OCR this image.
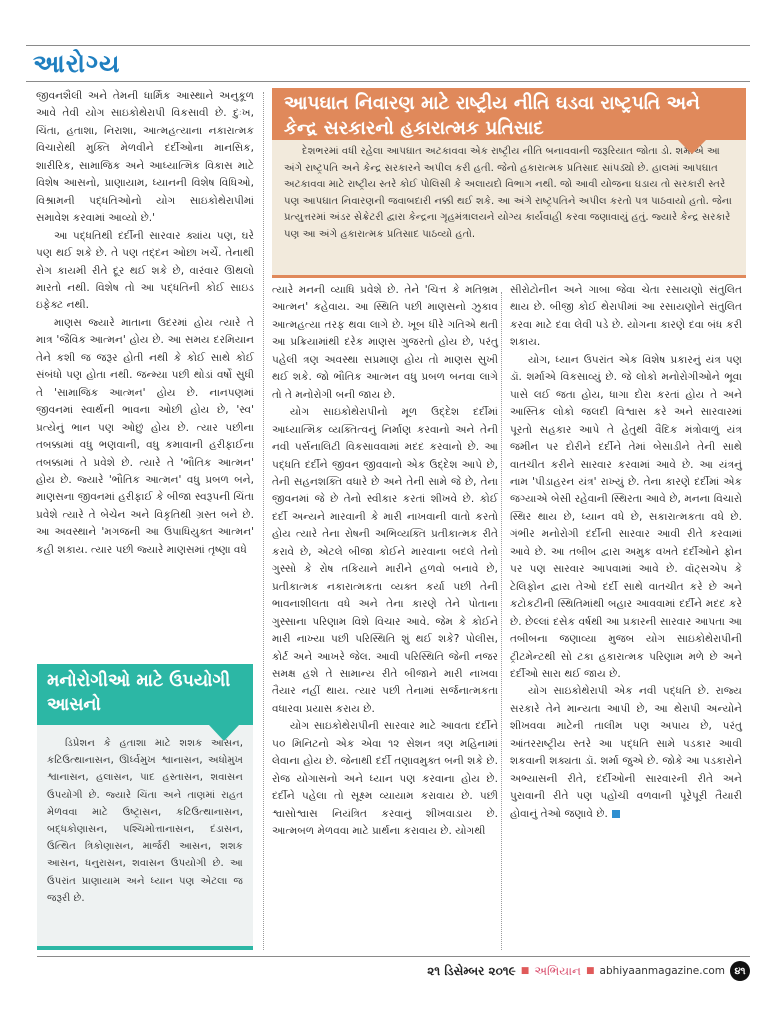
આરોગ્ય

જીવનશૈલી અને તેમની ધાર્મિક આસ્થાને અનુકૂળ આવે તેવી યોગ સાઇકોથેરાપી વિકસાવી છે. દુઃખ, ચિંતા, હતાશા, નિરાશા, આત્મહત્યાના નકારાત્મક વિચારોથી મુક્તિ મેળવીને દર્દીઓના માનસિક, શારીરિક, સામાજિક અને આધ્યાત્મિક વિકાસ માટે વિશેષ આસનો, પ્રાણાયામ, ધ્યાનની વિશેષ વિધિઓ, વિશ્રામની પદ્ધતિઓનો યોગ સાઇકોથેરાપીમાં સમાવેશ કરવામાં આવ્યો છે.'

આ પદ્ધતિથી દર્દીની સારવાર ક્યાંય પણ, ઘરે પણ થઈ શકે છે. તે પણ તદ્દન ઓછા ખર્ચે. તેનાથી રોગ કાયમી રીતે દૂર થઈ શકે છે, વારંવાર ઊથલો મારતો નથી. વિશેષ તો આ પદ્ધતિની કોઈ સાઇડ ઇફેક્ટ નથી.

માણસ જ્યારે માતાના ઉદરમાં હોય ત્યારે તે માત્ર 'જૈવિક આત્મન' હોય છે. આ સમય દરમિયાન તેને કશી જ જરૂર હોતી નથી કે કોઈ સાથે કોઈ સંબંધો પણ હોતા નથી. જન્મ્યા પછી થોડાં વર્ષો સુધી તે 'સામાજિક આત્મન' હોય છે. નાનપણમાં જીવનમાં સ્વાર્થની ભાવના ઓછી હોય છે, 'સ્વ' પ્રત્યેનું ભાન પણ ઓછું હોય છે. ત્યાર પછીના તબક્કામાં વધુ ભણવાની, વધુ કમાવાની હરીફાઈના તબક્કામાં તે પ્રવેશે છે. ત્યારે તે 'ભૌતિક આત્મન' હોય છે. જ્યારે 'ભૌતિક આત્મન' વધુ પ્રબળ બને, માણસના જીવનમાં હરીફાઈ કે બીજા સ્વરૂપની ચિંતા પ્રવેશે ત્યારે તે બેચેન અને વિકૃતિથી ગ્રસ્ત બને છે. આ અવસ્થાને 'મગજની આ ઉપાધિયુક્ત આત્મન' કહી શકાય. ત્યાર પછી જ્યારે માણસમાં તૃષ્ણા વધે

આપઘાત નિવારણ માટે રાષ્ટ્રીય નીતિ ઘડવા રાષ્ટ્રપતિ અને કેન્દ્ર સરકારનો હકારાત્મક પ્રતિસાદ

દેશભરમાં વધી રહેલા આપઘાત અટકાવવા એક રાષ્ટ્રીય નીતિ બનાવવાની જરૂરિયાત જોતા ડો. શર્માએ આ અંગે રાષ્ટ્રપતિ અને કેન્દ્ર સરકારને અપીલ કરી હતી. જેનો હકારાત્મક પ્રતિસાદ સાંપડ્યો છે. હાલમાં આપઘાત અટકાવવા માટે રાષ્ટ્રીય સ્તરે કોઈ પોલિસી કે અલાયદો વિભાગ નથી. જો આવી યોજના ઘડાય તો સરકારી સ્તરે પણ આપઘાત નિવારણની જવાબદારી નક્કી થઈ શકે. આ અંગે રાષ્ટ્રપતિને અપીલ કરતો પત્ર પાઠવાયો હતો. જેના પ્રત્યુત્તરમાં અંડર સેક્રેટરી દ્વારા કેન્દ્રના ગૃહમંત્રાલયને યોગ્ય કાર્યવાહી કરવા જણાવાયું હતું. જ્યારે કેન્દ્ર સરકારે પણ આ અંગે હકારાત્મક પ્રતિસાદ પાઠવ્યો હતો.

ત્યારે મનની વ્યાધિ પ્રવેશે છે. તેને 'ચિત્ત કે મતિભ્રમ આત્મન' કહેવાય. આ સ્થિતિ પછી માણસનો ઝુકાવ આત્મહત્યા તરફ થવા લાગે છે. ખૂબ ધીરે ગતિએ થતી આ પ્રક્રિયામાંથી દરેક માણસ ગુજરતો હોય છે, પરંતુ પહેલી ત્રણ અવસ્થા સપ્રમાણ હોય તો માણસ સુખી થઈ શકે. જો ભૌતિક આત્મન વધુ પ્રબળ બનવા લાગે તો તે મનોરોગી બની જાય છે.

યોગ સાઇકોથેરાપીનો મૂળ ઉદ્દેશ દર્દીમાં આધ્યાત્મિક વ્યક્તિત્વનું નિર્માણ કરવાનો અને તેની નવી પર્સનાલિટી વિકસાવવામાં મદદ કરવાનો છે. આ પદ્ધતિ દર્દીને જીવન જીવવાનો એક ઉદ્દેશ આપે છે, તેની સહનશક્તિ વધારે છે અને તેની સામે જે છે, તેના જીવનમાં જે છે તેનો સ્વીકાર કરતાં શીખવે છે. કોઈ દર્દી અન્યને મારવાની કે મારી નાખવાની વાતો કરતો હોય ત્યારે તેના રોષની અભિવ્યક્તિ પ્રતીકાત્મક રીતે કરાવે છે, એટલે બીજા કોઈને મારવાના બદલે તેનો ગુસ્સો કે રોષ તકિયાને મારીને હળવો બનાવે છે, પ્રતીકાત્મક નકારાત્મકતા વ્યક્ત કર્યા પછી તેની ભાવનાશીલતા વધે અને તેના કારણે તેને પોતાના ગુસ્સાના પરિણામ વિશે વિચાર આવે. જેમ કે કોઈને મારી નાખ્યા પછી પરિસ્થિતિ શું થઈ શકે? પોલીસ, કોર્ટ અને આખરે જેલ. આવી પરિસ્થિતિ જેની નજર સમક્ષ હશે તે સામાન્ય રીતે બીજાને મારી નાખવા તૈયાર નહીં થાય. ત્યાર પછી તેનામાં સર્જનાત્મકતા વધારવા પ્રયાસ કરાય છે.

યોગ સાઇકોથેરાપીની સારવાર માટે આવતા દર્દીને ૫૦ મિનિટનો એક એવા ૧૨ સેશન ત્રણ મહિનામાં લેવાના હોય છે. જેનાથી દર્દી તણાવમુક્ત બની શકે છે. રોજ યોગાસનો અને ધ્યાન પણ કરવાના હોય છે. દર્દીને પહેલા તો સૂક્ષ્મ વ્યાયામ કરાવાય છે. પછી શ્વાસોશ્વાસ નિયંત્રિત કરવાનું શીખવાડાય છે. આત્મબળ મેળવવા માટે પ્રાર્થના કરાવાય છે. યોગથી

સીરોટોનીન અને ગાબા જેવા ચેતા રસાયણો સંતુલિત થાય છે. બીજી કોઈ થેરાપીમાં આ રસાયણોને સંતુલિત કરવા માટે દવા લેવી પડે છે. યોગના કારણે દવા બંધ કરી શકાય.

યોગ, ધ્યાન ઉપરાંત એક વિશેષ પ્રકારનું યંત્ર પણ ડૉ. શર્માએ વિકસાવ્યું છે. જે લોકો મનોરોગીઓને ભૂવા પાસે લઈ જતા હોય, ધાગા દોરા કરતાં હોય તે અને આસ્તિક લોકો જલદી વિશ્વાસ કરે અને સારવારમાં પૂરતો સહકાર આપે તે હેતુથી વૈદિક મંત્રોવાળું યંત્ર જમીન પર દોરીને દર્દીને તેમાં બેસાડીને તેની સાથે વાતચીત કરીને સારવાર કરવામાં આવે છે. આ યંત્રનું નામ 'પીડાહરન યંત્ર' રાખ્યું છે. તેના કારણે દર્દીમાં એક જગ્યાએ બેસી રહેવાની સ્થિરતા આવે છે, મનના વિચારો સ્થિર થાય છે, ધ્યાન વધે છે, સકારાત્મકતા વધે છે. ગંભીર મનોરોગી દર્દીની સારવાર આવી રીતે કરવામાં આવે છે. આ તબીબ દ્વારા અમુક વખતે દર્દીઓને ફોન પર પણ સારવાર આપવામાં આવે છે. વૉટ્સએપ કે ટેલિફોન દ્વારા તેઓ દર્દી સાથે વાતચીત કરે છે અને કટોકટીની સ્થિતિમાંથી બહાર આવવામાં દર્દીને મદદ કરે છે. છેલ્લાં દસેક વર્ષથી આ પ્રકારની સારવાર આપતા આ તબીબના જણાવ્યા મુજબ યોગ સાઇકોથેરાપીની ટ્રીટમેન્ટથી સો ટકા હકારાત્મક પરિણામ મળે છે અને દર્દીઓ સારા થઈ જાય છે.

યોગ સાઇકોથેરાપી એક નવી પદ્ધતિ છે. રાજ્ય સરકારે તેને માન્યતા આપી છે, આ થેરાપી અન્યોને શીખવવા માટેની તાલીમ પણ અપાય છે, પરંતુ આંતરરાષ્ટ્રીય સ્તરે આ પદ્ધતિ સામે પડકાર આવી શકવાની શક્યતા ડૉ. શર્મા જુએ છે. જોકે આ પડકારોને અભ્યાસની રીતે, દર્દીઓની સારવારની રીતે અને પુરાવાની રીતે પણ પહોંચી વળવાની પૂરેપૂરી તૈયારી હોવાનું તેઓ જણાવે છે.

મનોરોગીઓ માટે ઉપયોગી આસનો

ડિપ્રેશન કે હતાશા માટે શશક આસન, કટિઉત્થાનાસન, ઊર્ધ્વમુખ શ્વાનાસન, અધોમુખ શ્વાનાસન, હલાસન, પાદ હસ્તાસન, શવાસન ઉપયોગી છે. જ્યારે ચિંતા અને તાણમાં રાહત મેળવવા માટે ઉષ્ટ્રાસન, કટિઉત્થાનાસન, બદ્ધકોણાસન, પશ્ચિમોત્તાનાસન, દંડાસન, ઉત્થિત ત્રિકોણાસન, માર્જરી આસન, શશક આસન, ધનુરાસન, શવાસન ઉપયોગી છે. આ ઉપરાંત પ્રાણાયામ અને ધ્યાન પણ એટલા જ જરૂરી છે.

૨૧ ડિસેમ્બર ૨૦૧૯ ■ અભિયાન ■ abhiyaanmagazine.com ૪૧
